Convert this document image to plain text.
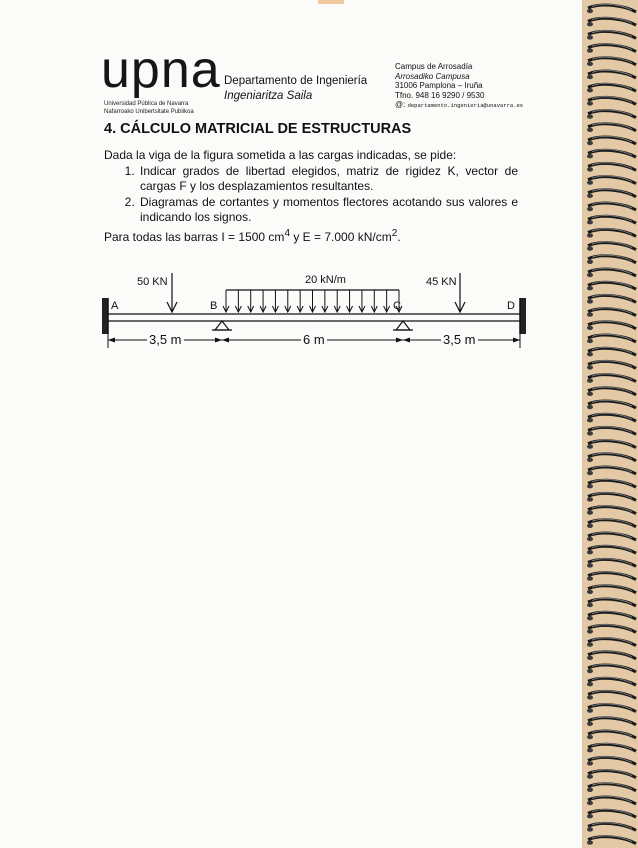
upna
Universidad Pública de Navarra
Nafarroako Unibertsitate Publikoa
Departamento de Ingeniería
Ingeniaritza Saila
Campus de Arrosadía
Arrosadiko Campusa
31006 Pamplona – Iruña
Tfno. 948 16 9290 / 9530
@: departamento.ingenieria@unavarra.es
4. CÁLCULO MATRICIAL DE ESTRUCTURAS

Dada la viga de la figura sometida a las cargas indicadas, se pide:

1. Indicar grados de libertad elegidos, matriz de rigidez K, vector de cargas F y los desplazamientos resultantes.
2. Diagramas de cortantes y momentos flectores acotando sus valores e indicando los signos.

Para todas las barras I = 1500 $cm^4$ y E = 7.000 $kN/cm^2$.

50 KN	20 kN/m	45 KN
A	B	C	D
3,5 m	6 m	3,5 m
